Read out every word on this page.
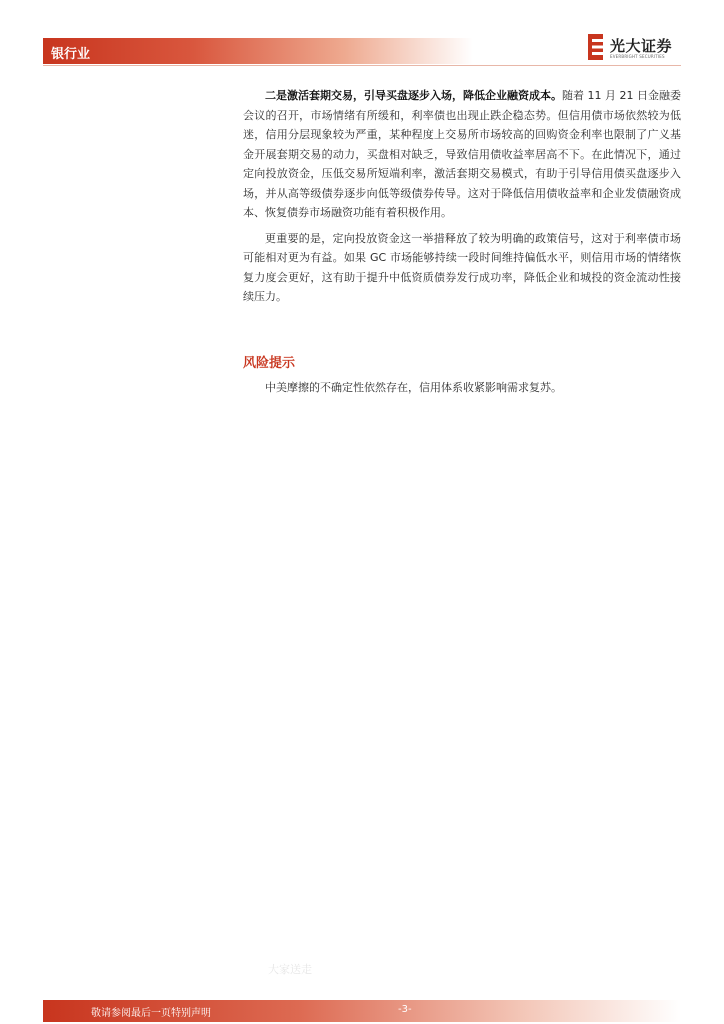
银行业	光大证券
EVERBRIGHT SECURITIES

二是激活套期交易，引导买盘逐步入场，降低企业融资成本。随着 11 月 21 日金融委会议的召开，市场情绪有所缓和，利率债也出现止跌企稳态势。但信用债市场依然较为低迷，信用分层现象较为严重，某种程度上交易所市场较高的回购资金利率也限制了广义基金开展套期交易的动力，买盘相对缺乏，导致信用债收益率居高不下。在此情况下，通过定向投放资金，压低交易所短端利率，激活套期交易模式，有助于引导信用债买盘逐步入场，并从高等级债券逐步向低等级债券传导。这对于降低信用债收益率和企业发债融资成本、恢复债券市场融资功能有着积极作用。

更重要的是，定向投放资金这一举措释放了较为明确的政策信号，这对于利率债市场可能相对更为有益。如果 GC 市场能够持续一段时间维持偏低水平，则信用市场的情绪恢复力度会更好，这有助于提升中低资质债券发行成功率，降低企业和城投的资金流动性接续压力。

风险提示
中美摩擦的不确定性依然存在，信用体系收紧影响需求复苏。
大家送走
敬请参阅最后一页特别声明	-3-
